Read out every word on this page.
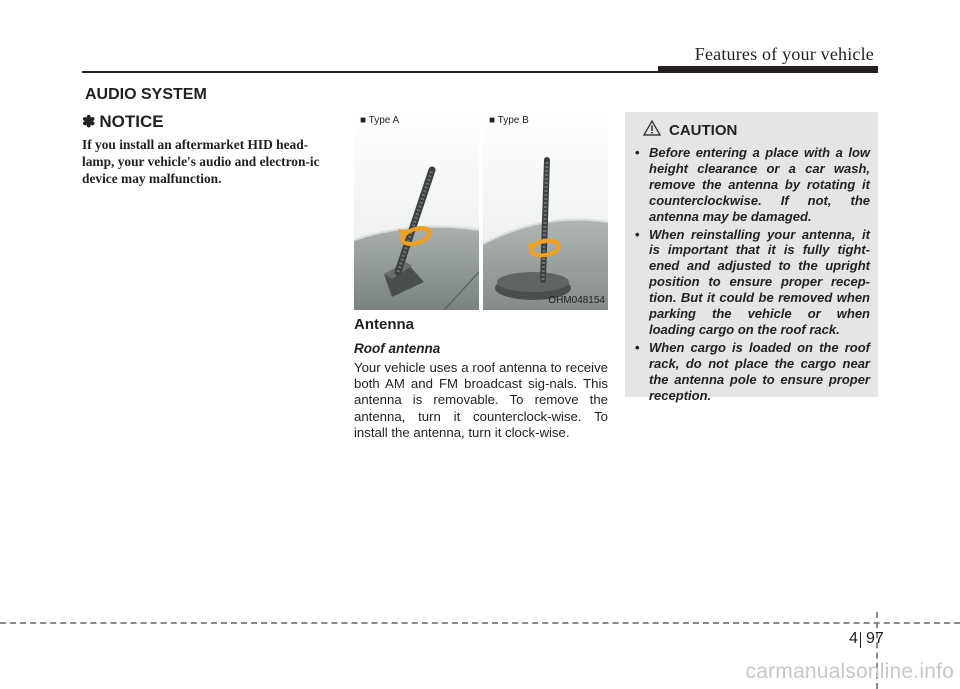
Features of your vehicle
AUDIO SYSTEM
✽ NOTICE
If you install an aftermarket HID head-lamp, your vehicle's audio and electron-ic device may malfunction.
■ Type A	■ Type B
OHM048154
Antenna
Roof antenna
Your vehicle uses a roof antenna to receive both AM and FM broadcast sig-nals. This antenna is removable. To remove the antenna, turn it counterclock-wise. To install the antenna, turn it clock-wise.
CAUTION
• Before entering a place with a low height clearance or a car wash, remove the antenna by rotating it counterclockwise. If not, the antenna may be damaged.
• When reinstalling your antenna, it is important that it is fully tight-ened and adjusted to the upright position to ensure proper recep-tion. But it could be removed when parking the vehicle or when loading cargo on the roof rack.
• When cargo is loaded on the roof rack, do not place the cargo near the antenna pole to ensure proper reception.
4 97
carmanualsonline.info
